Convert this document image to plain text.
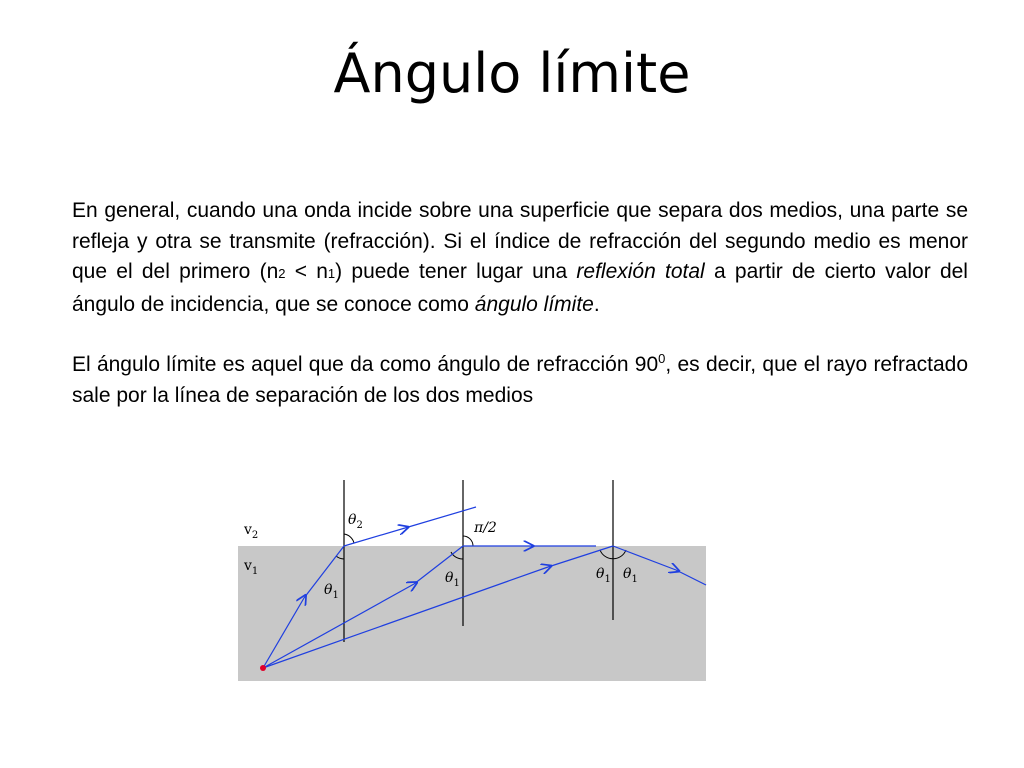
Ángulo límite
En general, cuando una onda incide sobre una superficie que separa dos medios, una parte se refleja y otra se transmite (refracción). Si el índice de refracción del segundo medio es menor que el del primero (n2 < n1) puede tener lugar una reflexión total a partir de cierto valor del ángulo de incidencia, que se conoce como ángulo límite.
El ángulo límite es aquel que da como ángulo de refracción $90^0$, es decir, que el rayo refractado sale por la línea de separación de los dos medios
$v_2$
$v_1$
$\theta_2$
$\theta_1$
π/2
$\theta_1$
$\theta_1$ $\theta_1$
